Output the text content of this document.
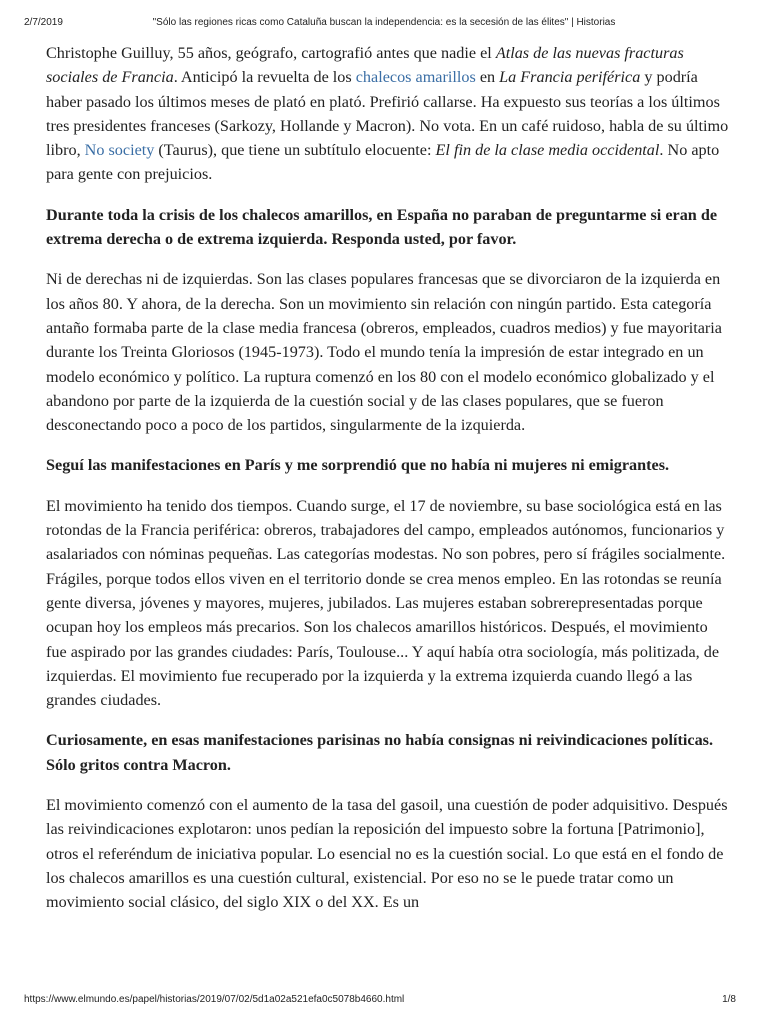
2/7/2019	"Sólo las regiones ricas como Cataluña buscan la independencia: es la secesión de las élites" | Historias

Christophe Guilluy, 55 años, geógrafo, cartografió antes que nadie el Atlas de las nuevas fracturas sociales de Francia. Anticipó la revuelta de los chalecos amarillos en La Francia periférica y podría haber pasado los últimos meses de plató en plató. Prefirió callarse. Ha expuesto sus teorías a los últimos tres presidentes franceses (Sarkozy, Hollande y Macron). No vota. En un café ruidoso, habla de su último libro, No society (Taurus), que tiene un subtítulo elocuente: El fin de la clase media occidental. No apto para gente con prejuicios.

Durante toda la crisis de los chalecos amarillos, en España no paraban de preguntarme si eran de extrema derecha o de extrema izquierda. Responda usted, por favor.

Ni de derechas ni de izquierdas. Son las clases populares francesas que se divorciaron de la izquierda en los años 80. Y ahora, de la derecha. Son un movimiento sin relación con ningún partido. Esta categoría antaño formaba parte de la clase media francesa (obreros, empleados, cuadros medios) y fue mayoritaria durante los Treinta Gloriosos (1945-1973). Todo el mundo tenía la impresión de estar integrado en un modelo económico y político. La ruptura comenzó en los 80 con el modelo económico globalizado y el abandono por parte de la izquierda de la cuestión social y de las clases populares, que se fueron desconectando poco a poco de los partidos, singularmente de la izquierda.

Seguí las manifestaciones en París y me sorprendió que no había ni mujeres ni emigrantes.

El movimiento ha tenido dos tiempos. Cuando surge, el 17 de noviembre, su base sociológica está en las rotondas de la Francia periférica: obreros, trabajadores del campo, empleados autónomos, funcionarios y asalariados con nóminas pequeñas. Las categorías modestas. No son pobres, pero sí frágiles socialmente. Frágiles, porque todos ellos viven en el territorio donde se crea menos empleo. En las rotondas se reunía gente diversa, jóvenes y mayores, mujeres, jubilados. Las mujeres estaban sobrerepresentadas porque ocupan hoy los empleos más precarios. Son los chalecos amarillos históricos. Después, el movimiento fue aspirado por las grandes ciudades: París, Toulouse... Y aquí había otra sociología, más politizada, de izquierdas. El movimiento fue recuperado por la izquierda y la extrema izquierda cuando llegó a las grandes ciudades.

Curiosamente, en esas manifestaciones parisinas no había consignas ni reivindicaciones políticas. Sólo gritos contra Macron.

El movimiento comenzó con el aumento de la tasa del gasoil, una cuestión de poder adquisitivo. Después las reivindicaciones explotaron: unos pedían la reposición del impuesto sobre la fortuna [Patrimonio], otros el referéndum de iniciativa popular. Lo esencial no es la cuestión social. Lo que está en el fondo de los chalecos amarillos es una cuestión cultural, existencial. Por eso no se le puede tratar como un movimiento social clásico, del siglo XIX o del XX. Es un

https://www.elmundo.es/papel/historias/2019/07/02/5d1a02a521efa0c5078b4660.html	1/8
